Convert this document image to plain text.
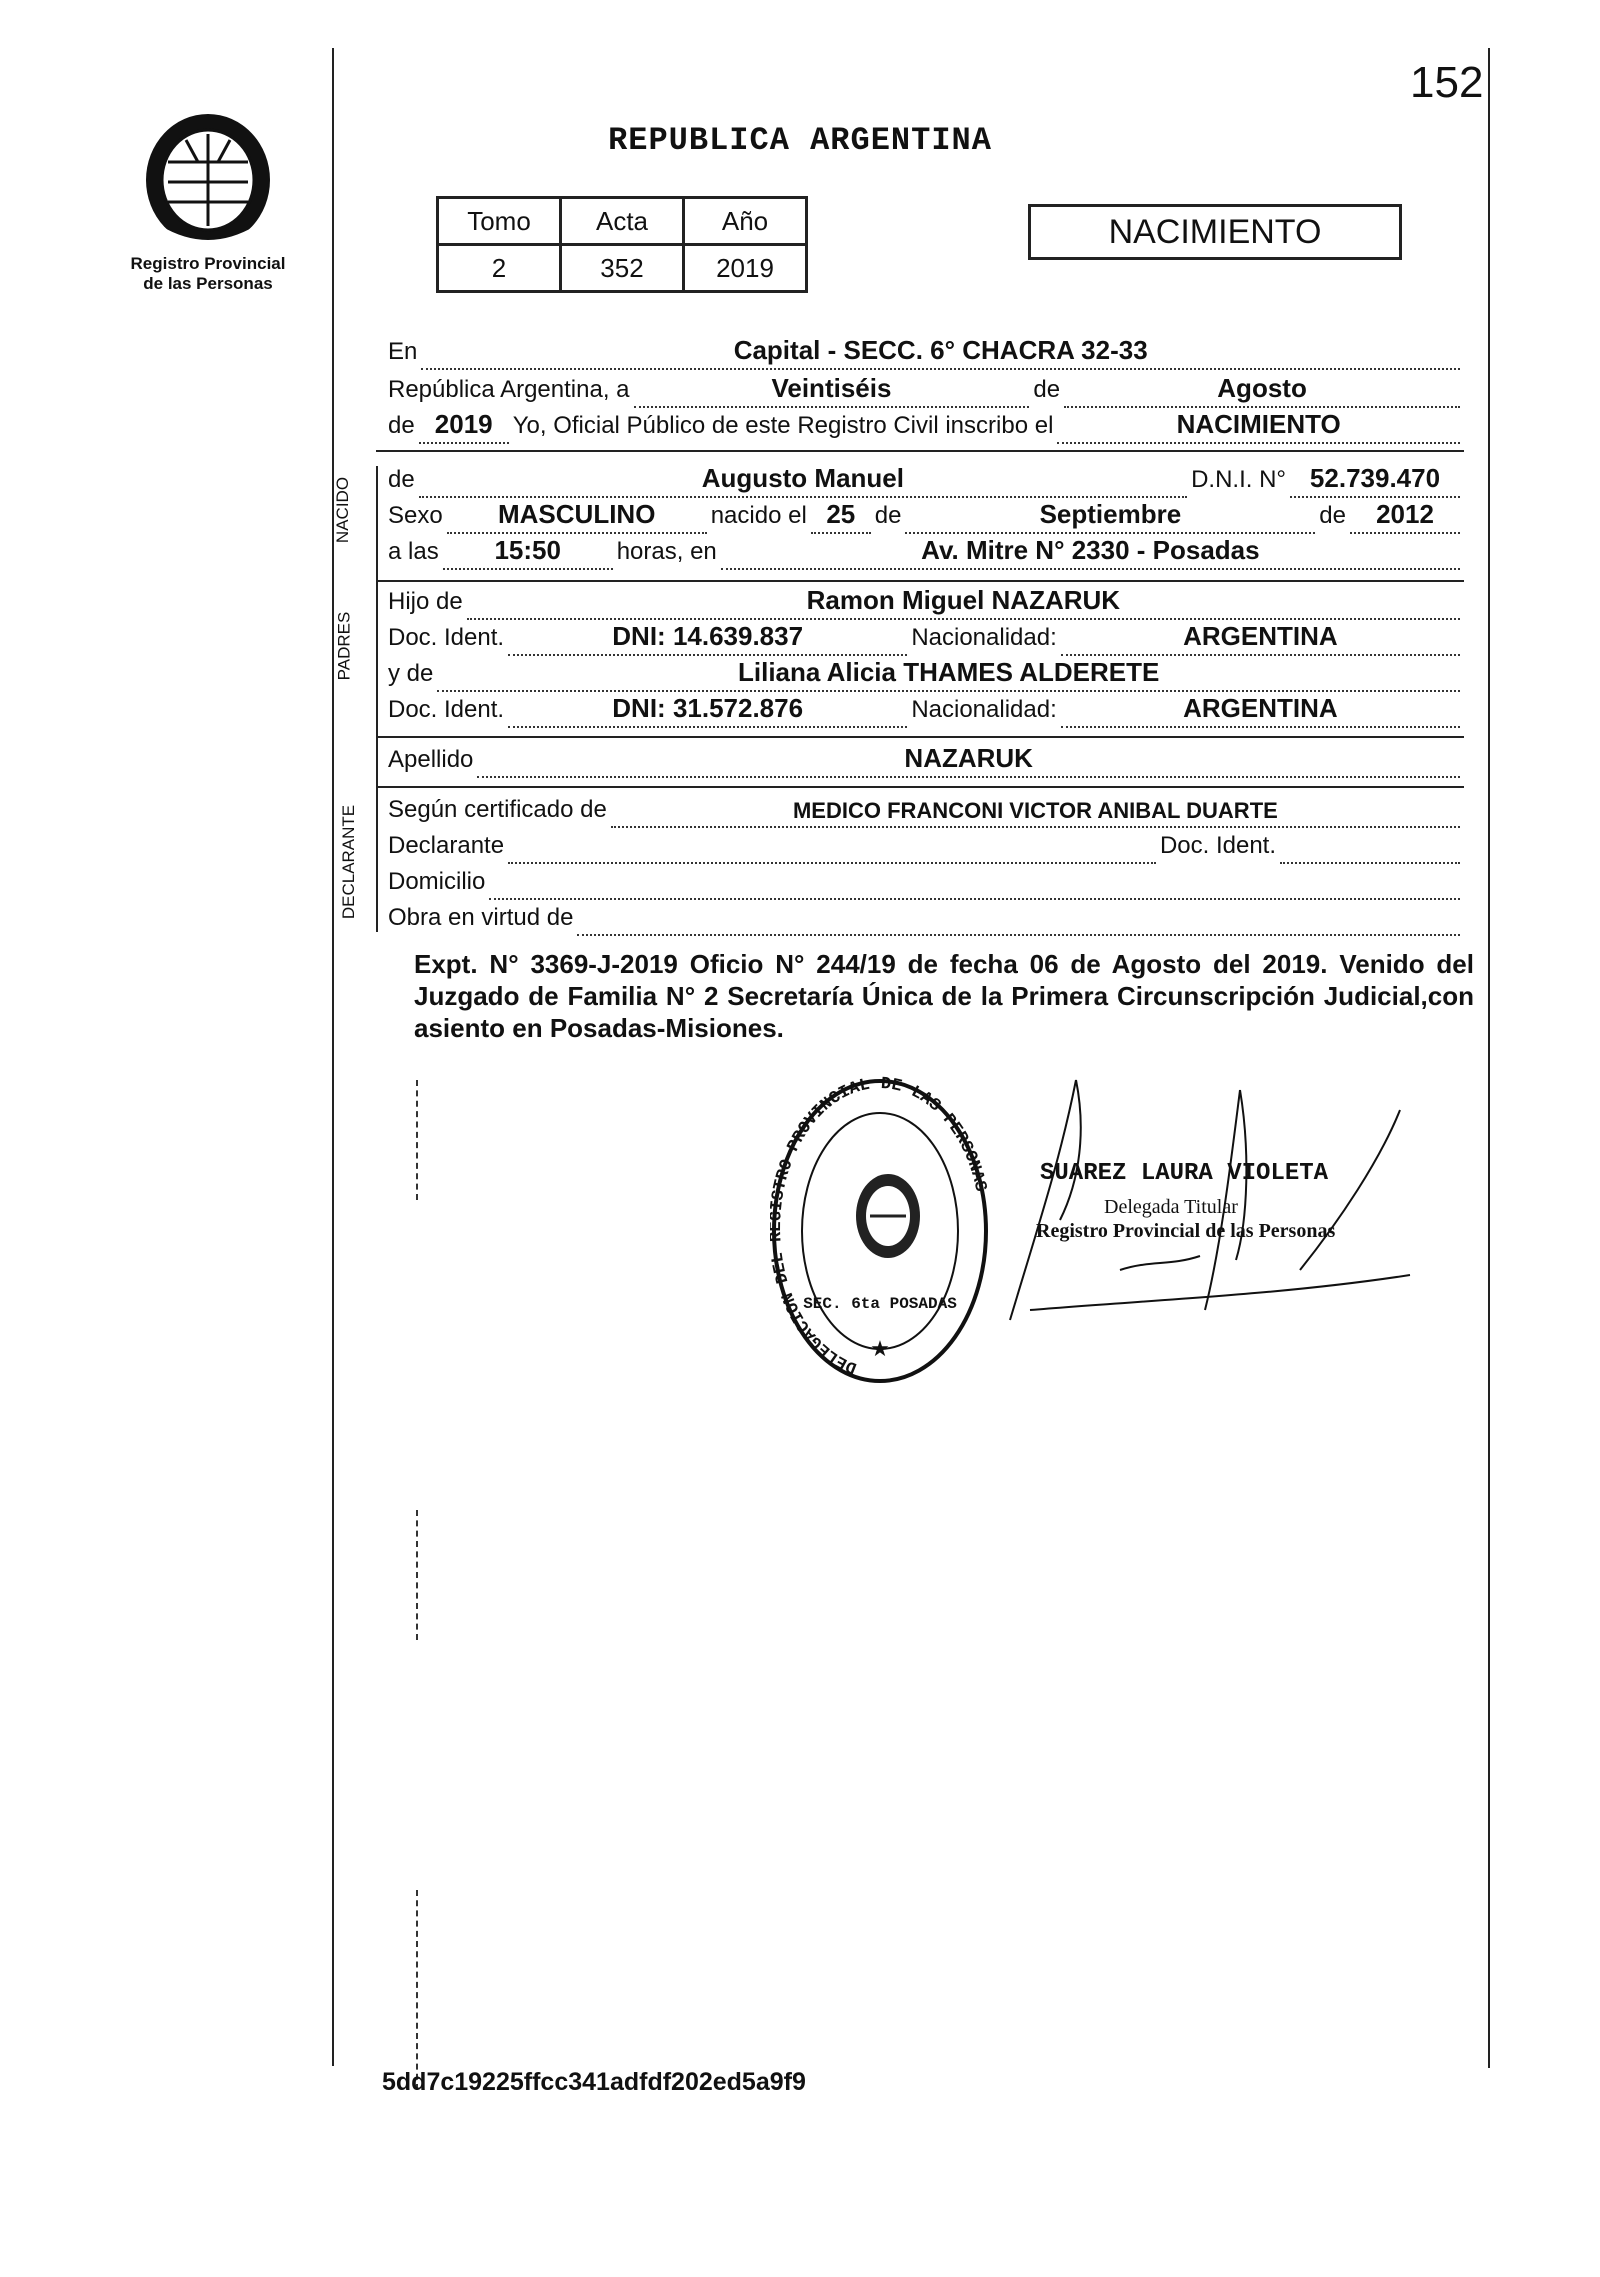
152
Registro Provincial
de las Personas
REPUBLICA ARGENTINA
Tomo	Acta	Año
2	352	2019
NACIMIENTO
En	Capital - SECC. 6° CHACRA 32-33
República Argentina, a	Veintiséis	de	Agosto
de 2019 Yo, Oficial Público de este Registro Civil inscribo el	NACIMIENTO
NACIDO de	Augusto Manuel	D.N.I. N° 52.739.470
Sexo	MASCULINO	nacido el 25 de	Septiembre	de	2012
a las	15:50	horas, en	Av. Mitre N° 2330 - Posadas
PADRES
Hijo de	Ramon Miguel NAZARUK
Doc. Ident.	DNI: 14.639.837	Nacionalidad:	ARGENTINA
y de	Liliana Alicia THAMES ALDERETE
Doc. Ident.	DNI: 31.572.876	Nacionalidad:	ARGENTINA
Apellido	NAZARUK
DECLARANTE Según certificado de	MEDICO FRANCONI VICTOR ANIBAL DUARTE
Declarante	Doc. Ident.
Domicilio
Obra en virtud de
Expt. N° 3369-J-2019 Oficio N° 244/19 de fecha 06 de Agosto del 2019. Venido del Juzgado de Familia N° 2 Secretaría Única de la Primera Circunscripción Judicial,con asiento en Posadas-Misiones.
DELEGACION DEL STRO PROVINCIAL DE LAS PERSONAS
SEC. 6ta POSADAS
★
SUAREZ LAURA VIOLETA
Delegada Titular
Registro Provincial de las Personas
5dd7c19225ffcc341adfdf202ed5a9f9
